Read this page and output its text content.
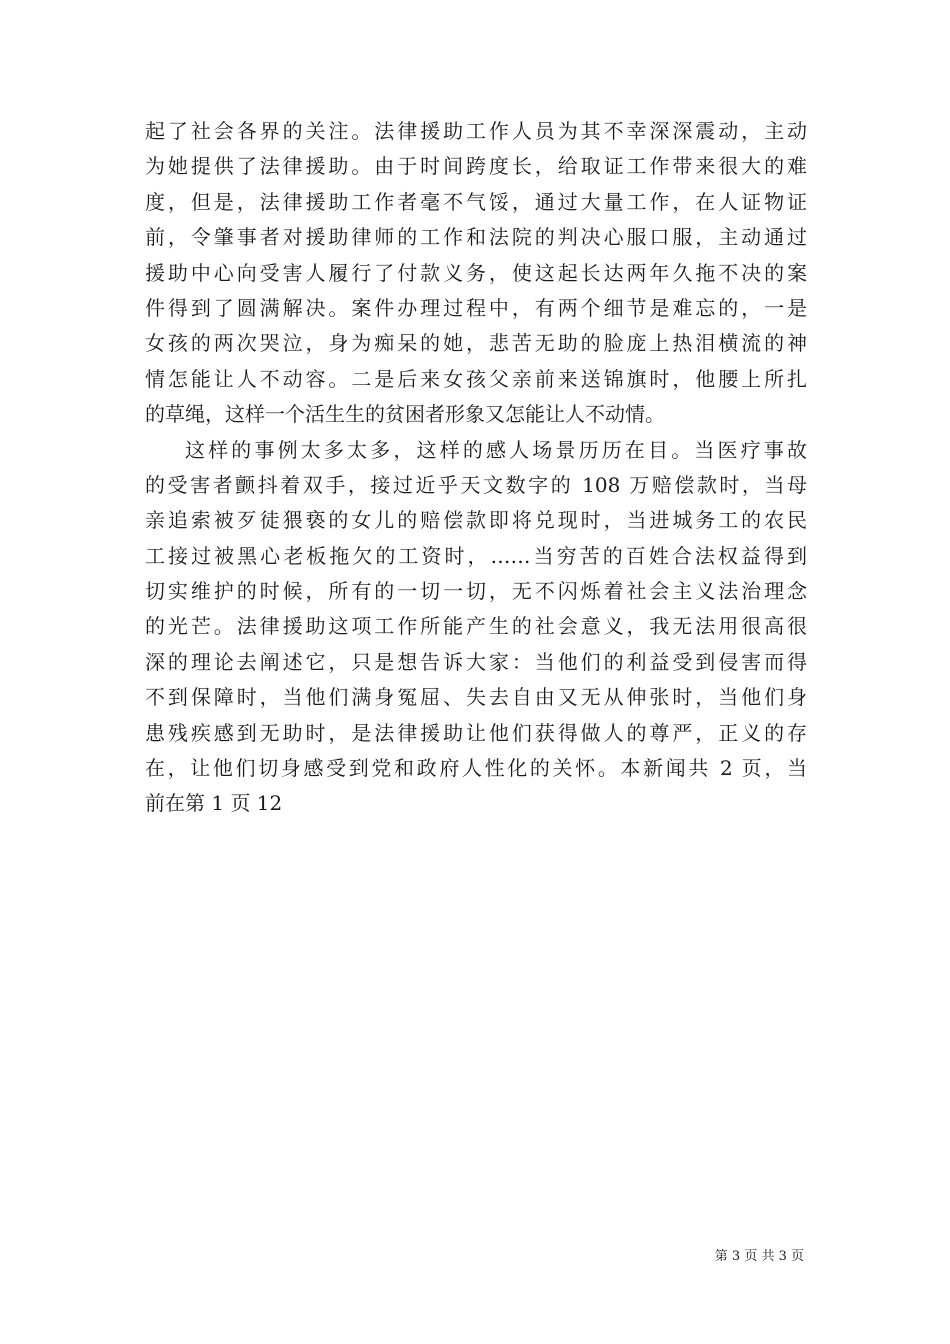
起了社会各界的关注。法律援助工作人员为其不幸深深震动，主动
为她提供了法律援助。由于时间跨度长，给取证工作带来很大的难
度，但是，法律援助工作者毫不气馁，通过大量工作，在人证物证
前，令肇事者对援助律师的工作和法院的判决心服口服，主动通过
援助中心向受害人履行了付款义务，使这起长达两年久拖不决的案
件得到了圆满解决。案件办理过程中，有两个细节是难忘的，一是
女孩的两次哭泣，身为痴呆的她，悲苦无助的脸庞上热泪横流的神
情怎能让人不动容。二是后来女孩父亲前来送锦旗时，他腰上所扎
的草绳，这样一个活生生的贫困者形象又怎能让人不动情。
这样的事例太多太多，这样的感人场景历历在目。当医疗事故
的受害者颤抖着双手，接过近乎天文数字的 108 万赔偿款时，当母
亲追索被歹徒猥亵的女儿的赔偿款即将兑现时，当进城务工的农民
工接过被黑心老板拖欠的工资时，……当穷苦的百姓合法权益得到
切实维护的时候，所有的一切一切，无不闪烁着社会主义法治理念
的光芒。法律援助这项工作所能产生的社会意义，我无法用很高很
深的理论去阐述它，只是想告诉大家：当他们的利益受到侵害而得
不到保障时，当他们满身冤屈、失去自由又无从伸张时，当他们身
患残疾感到无助时，是法律援助让他们获得做人的尊严，正义的存
在，让他们切身感受到党和政府人性化的关怀。本新闻共 2 页，当
前在第 1 页 12
第 3 页 共 3 页
